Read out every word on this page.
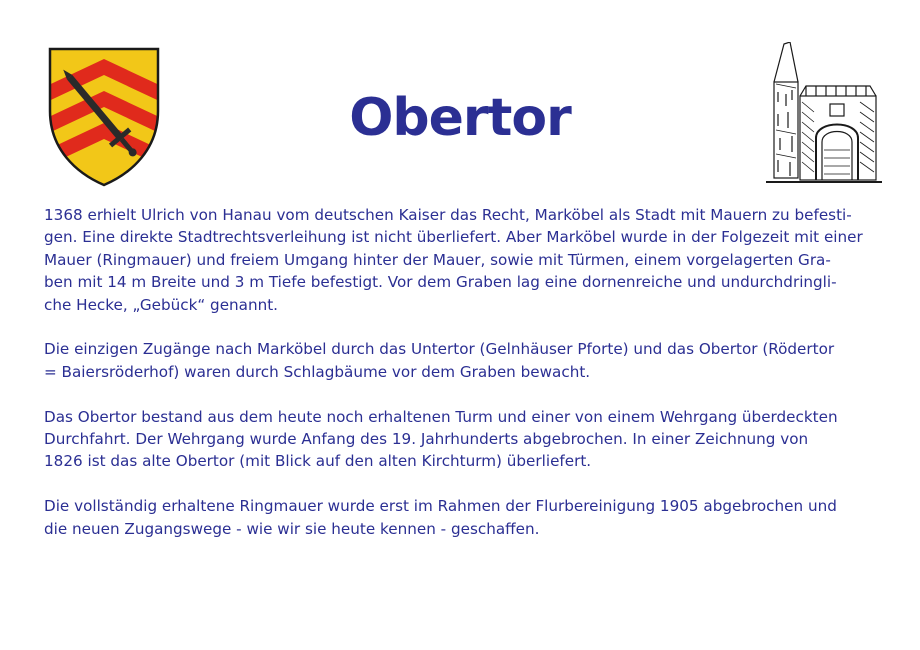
Obertor

1368 erhielt Ulrich von Hanau vom deutschen Kaiser das Recht, Marköbel als Stadt mit Mauern zu befesti-
gen. Eine direkte Stadtrechtsverleihung ist nicht überliefert. Aber Marköbel wurde in der Folgezeit mit einer
Mauer (Ringmauer) und freiem Umgang hinter der Mauer, sowie mit Türmen, einem vorgelagerten Gra-
ben mit 14 m Breite und 3 m Tiefe befestigt. Vor dem Graben lag eine dornenreiche und undurchdringli-
che Hecke, „Gebück“ genannt.

Die einzigen Zugänge nach Marköbel durch das Untertor (Gelnhäuser Pforte) und das Obertor (Rödertor
= Baiersröderhof) waren durch Schlagbäume vor dem Graben bewacht.

Das Obertor bestand aus dem heute noch erhaltenen Turm und einer von einem Wehrgang überdeckten
Durchfahrt. Der Wehrgang wurde Anfang des 19. Jahrhunderts abgebrochen. In einer Zeichnung von
1826 ist das alte Obertor (mit Blick auf den alten Kirchturm) überliefert.

Die vollständig erhaltene Ringmauer wurde erst im Rahmen der Flurbereinigung 1905 abgebrochen und
die neuen Zugangswege - wie wir sie heute kennen - geschaffen.
